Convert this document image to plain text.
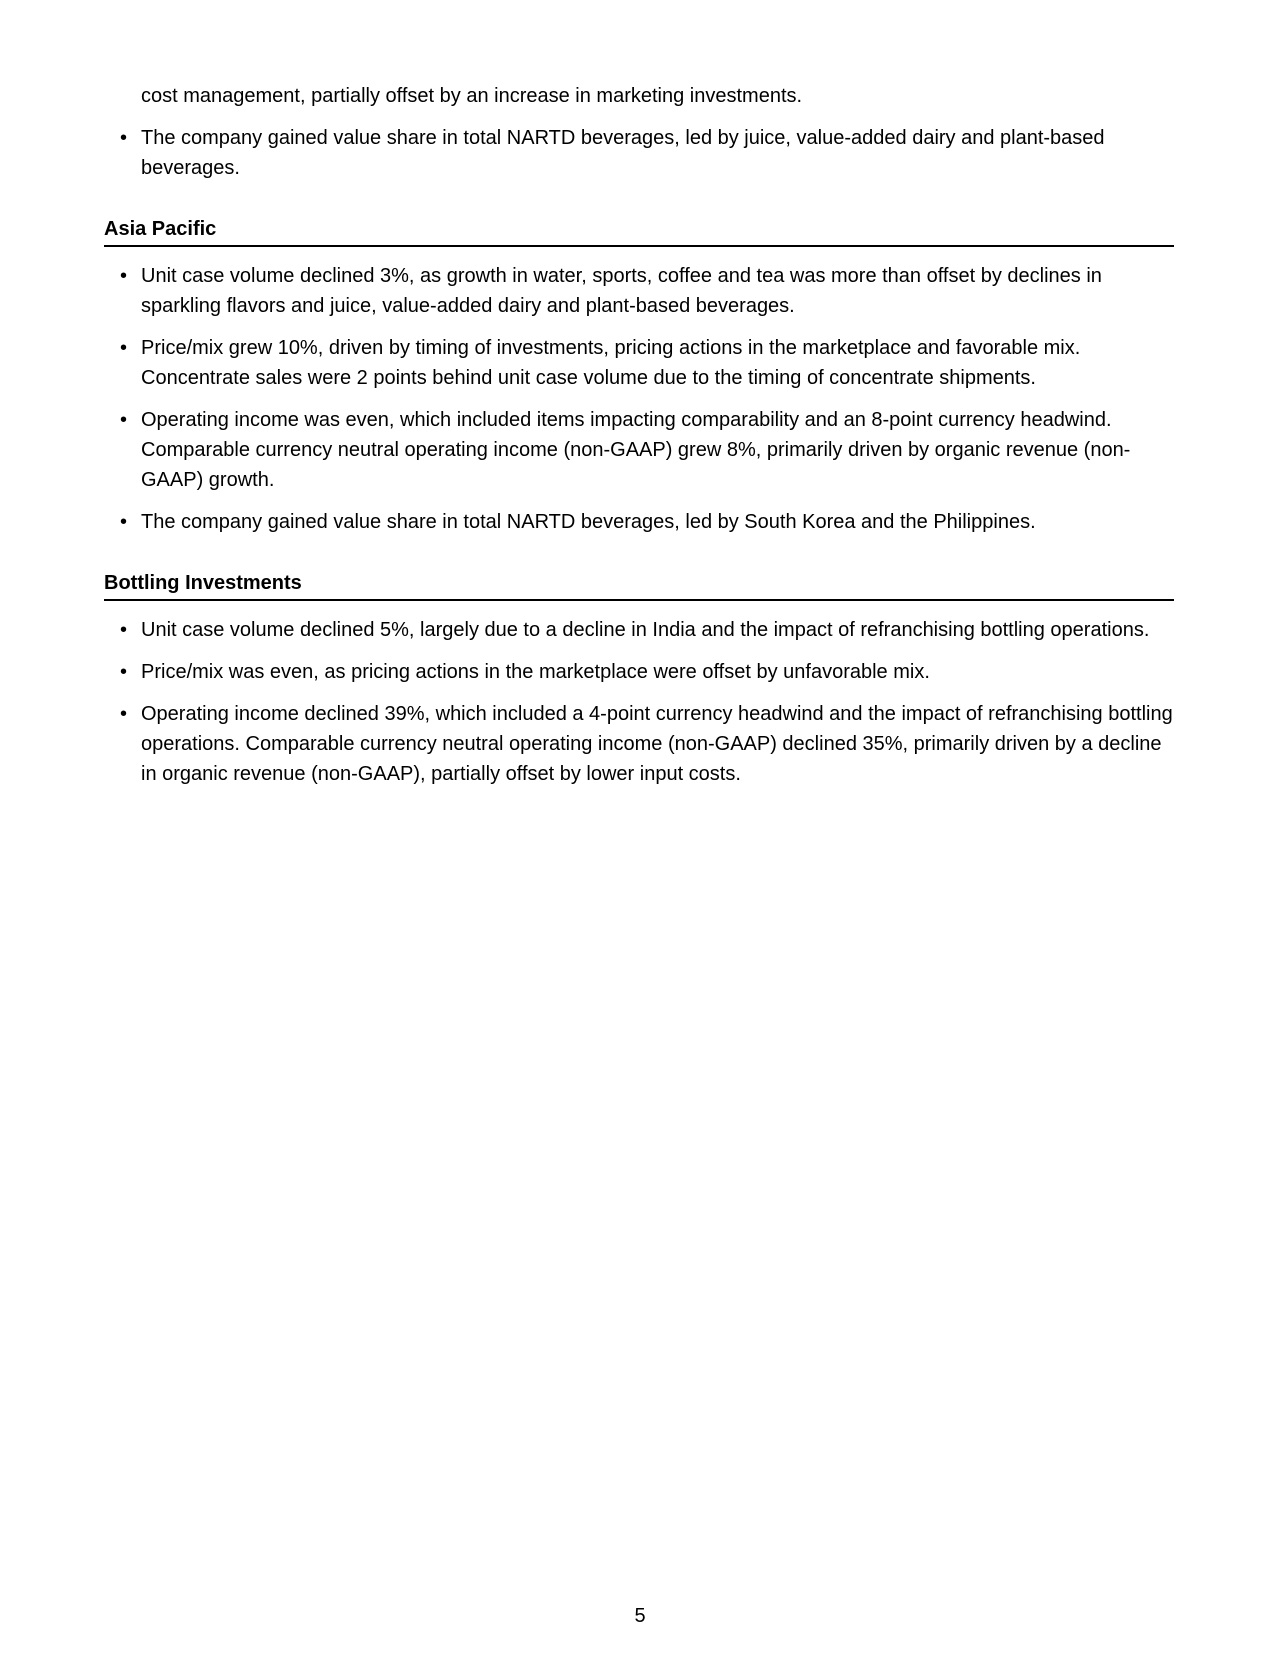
cost management, partially offset by an increase in marketing investments.

• The company gained value share in total NARTD beverages, led by juice, value-added dairy and plant-based beverages.
Asia Pacific
• Unit case volume declined 3%, as growth in water, sports, coffee and tea was more than offset by declines in sparkling flavors and juice, value-added dairy and plant-based beverages.
• Price/mix grew 10%, driven by timing of investments, pricing actions in the marketplace and favorable mix. Concentrate sales were 2 points behind unit case volume due to the timing of concentrate shipments.
• Operating income was even, which included items impacting comparability and an 8-point currency headwind. Comparable currency neutral operating income (non-GAAP) grew 8%, primarily driven by organic revenue (non-GAAP) growth.
• The company gained value share in total NARTD beverages, led by South Korea and the Philippines.
Bottling Investments
• Unit case volume declined 5%, largely due to a decline in India and the impact of refranchising bottling operations.
• Price/mix was even, as pricing actions in the marketplace were offset by unfavorable mix.
• Operating income declined 39%, which included a 4-point currency headwind and the impact of refranchising bottling operations. Comparable currency neutral operating income (non-GAAP) declined 35%, primarily driven by a decline in organic revenue (non-GAAP), partially offset by lower input costs.
5
